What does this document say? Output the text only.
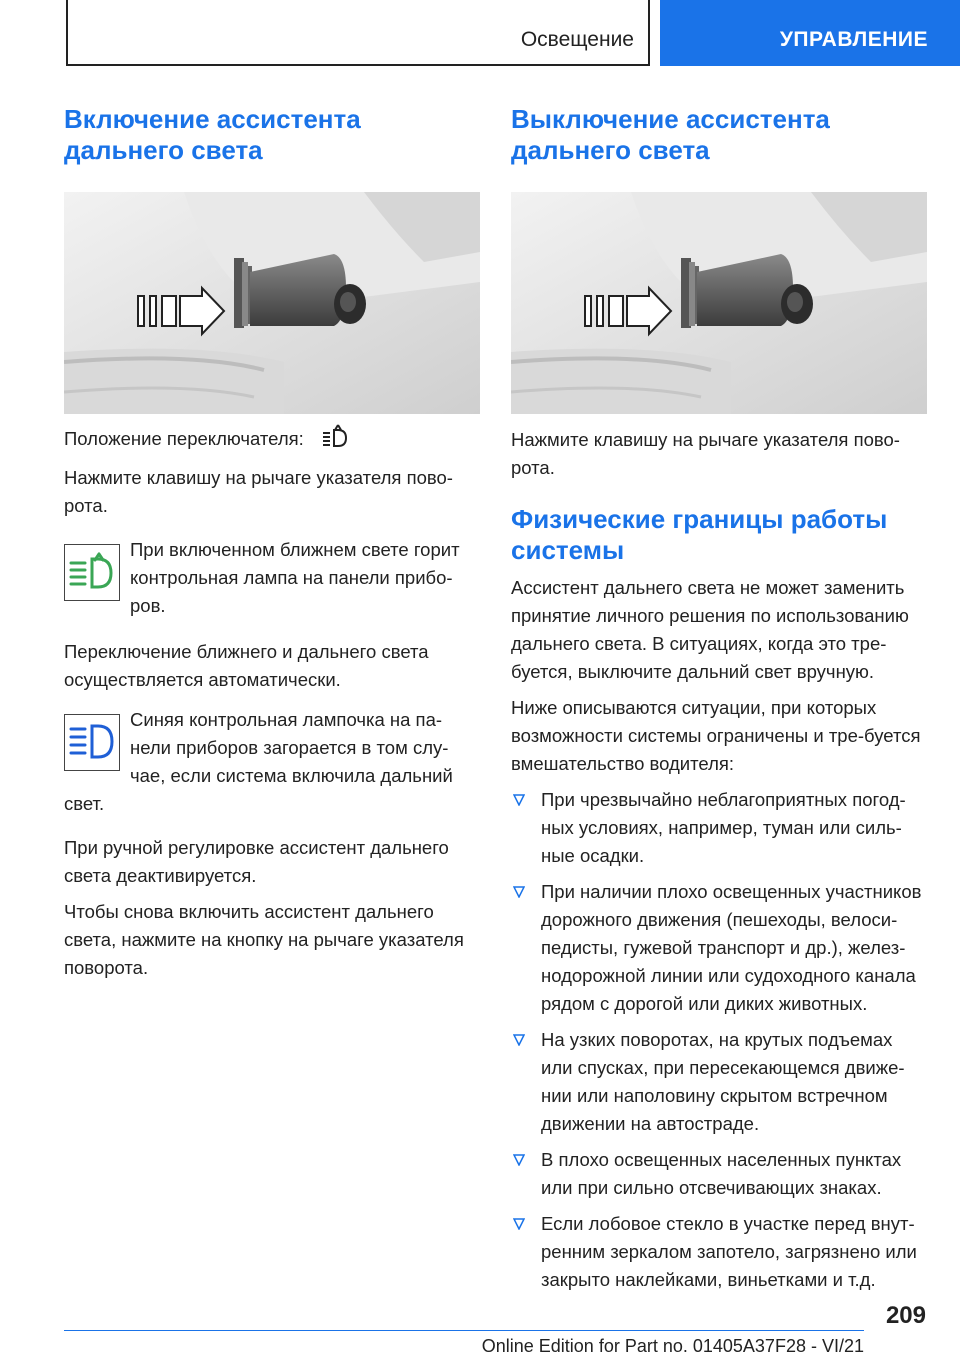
Освещение	УПРАВЛЕНИЕ
Включение ассистента дальнего света

Положение переключателя:

Нажмите клавишу на рычаге указателя пово-рота.

При включенном ближнем свете горит контрольная лампа на панели прибо-ров.

Переключение ближнего и дальнего света осуществляется автоматически.

Синяя контрольная лампочка на па-нели приборов загорается в том слу-чае, если система включила дальний свет.

При ручной регулировке ассистент дальнего света деактивируется.

Чтобы снова включить ассистент дальнего света, нажмите на кнопку на рычаге указателя поворота.

Выключение ассистента дальнего света

Нажмите клавишу на рычаге указателя пово-рота.

Физические границы работы системы

Ассистент дальнего света не может заменить принятие личного решения по использованию дальнего света. В ситуациях, когда это тре-буется, выключите дальний свет вручную.

Ниже описываются ситуации, при которых возможности системы ограничены и тре-буется вмешательство водителя:

При чрезвычайно неблагоприятных погод-ных условиях, например, туман или силь-ные осадки.
При наличии плохо освещенных участников дорожного движения (пешеходы, велоси-педисты, гужевой транспорт и др.), желез-нодорожной линии или судоходного канала рядом с дорогой или диких животных.
На узких поворотах, на крутых подъемах или спусках, при пересекающемся движе-нии или наполовину скрытом встречном движении на автостраде.
В плохо освещенных населенных пунктах или при сильно отсвечивающих знаках.
Если лобовое стекло в участке перед внут-ренним зеркалом запотело, загрязнено или закрыто наклейками, виньетками и т.д.
209
Online Edition for Part no. 01405A37F28 - VI/21
